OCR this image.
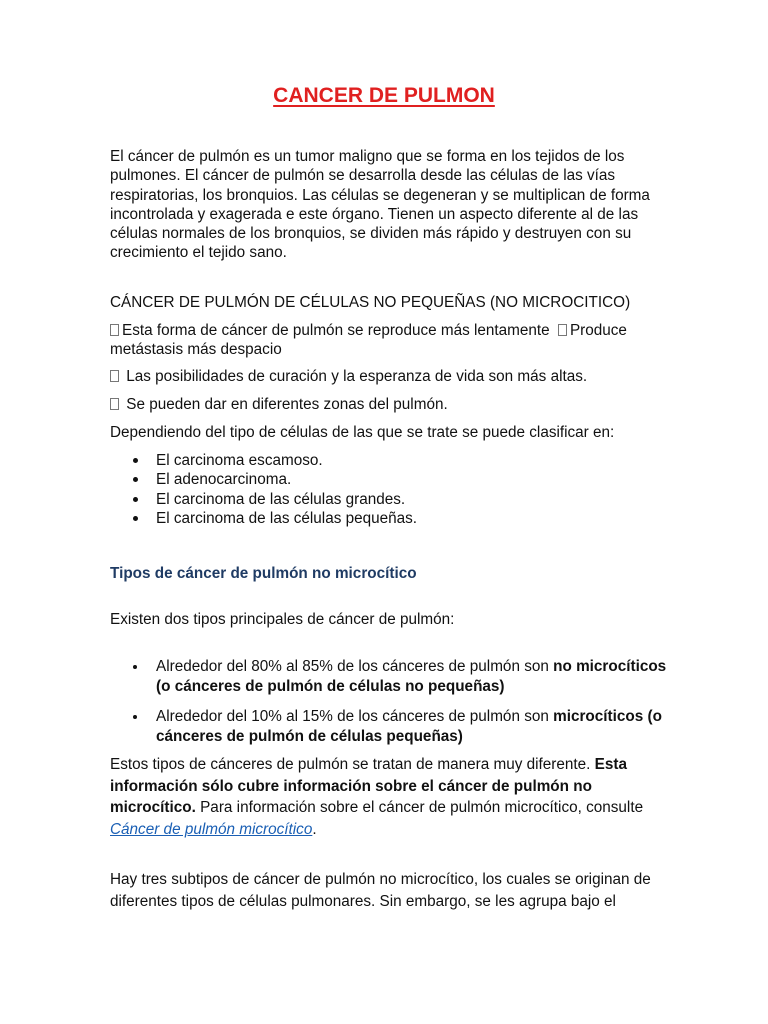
CANCER DE PULMON
El cáncer de pulmón es un tumor maligno que se forma en los tejidos de los pulmones. El cáncer de pulmón se desarrolla desde las células de las vías respiratorias, los bronquios. Las células se degeneran y se multiplican de forma incontrolada y exagerada e este órgano. Tienen un aspecto diferente al de las células normales de los bronquios, se dividen más rápido y destruyen con su crecimiento el tejido sano.
CÁNCER DE PULMÓN DE CÉLULAS NO PEQUEÑAS (NO MICROCITICO)
Esta forma de cáncer de pulmón se reproduce más lentamente Produce metástasis más despacio
Las posibilidades de curación y la esperanza de vida son más altas.
Se pueden dar en diferentes zonas del pulmón.
Dependiendo del tipo de células de las que se trate se puede clasificar en:
El carcinoma escamoso.
El adenocarcinoma.
El carcinoma de las células grandes.
El carcinoma de las células pequeñas.
Tipos de cáncer de pulmón no microcítico
Existen dos tipos principales de cáncer de pulmón:
Alrededor del 80% al 85% de los cánceres de pulmón son no microcíticos (o cánceres de pulmón de células no pequeñas)
Alrededor del 10% al 15% de los cánceres de pulmón son microcíticos (o cánceres de pulmón de células pequeñas)
Estos tipos de cánceres de pulmón se tratan de manera muy diferente. Esta información sólo cubre información sobre el cáncer de pulmón no microcítico. Para información sobre el cáncer de pulmón microcítico, consulte Cáncer de pulmón microcítico.
Hay tres subtipos de cáncer de pulmón no microcítico, los cuales se originan de diferentes tipos de células pulmonares. Sin embargo, se les agrupa bajo el
